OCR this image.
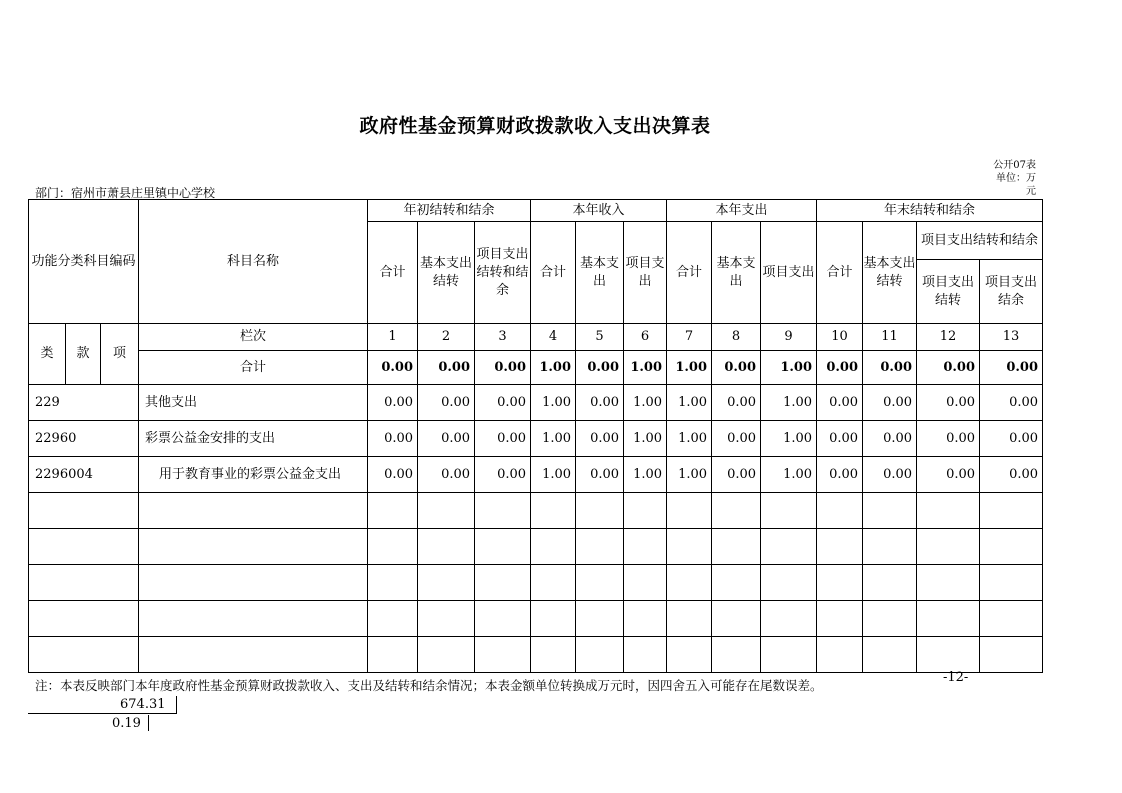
政府性基金预算财政拨款收入支出决算表
公开07表
单位：万
元
部门：宿州市萧县庄里镇中心学校
功能分类科目编码			科目名称	年初结转和结余			本年收入			本年支出			年末结转和结余			
				合计	基本支出结转	项目支出结转和结余	合计	基本支出	项目支出	合计	基本支出	项目支出	合计	基本支出结转	项目支出结转和结余	
															项目支出结转	项目支出结余
类	款	项	栏次	1	2	3	4	5	6	7	8	9	10	11	12	13
			合计	0.00	0.00	0.00	1.00	0.00	1.00	1.00	0.00	1.00	0.00	0.00	0.00	0.00
229			其他支出	0.00	0.00	0.00	1.00	0.00	1.00	1.00	0.00	1.00	0.00	0.00	0.00	0.00
22960			彩票公益金安排的支出	0.00	0.00	0.00	1.00	0.00	1.00	1.00	0.00	1.00	0.00	0.00	0.00	0.00
2296004			用于教育事业的彩票公益金支出	0.00	0.00	0.00	1.00	0.00	1.00	1.00	0.00	1.00	0.00	0.00	0.00	0.00

注：本表反映部门本年度政府性基金预算财政拨款收入、支出及结转和结余情况；本表金额单位转换成万元时，因四舍五入可能存在尾数误差。
-12-
674.31
0.19
